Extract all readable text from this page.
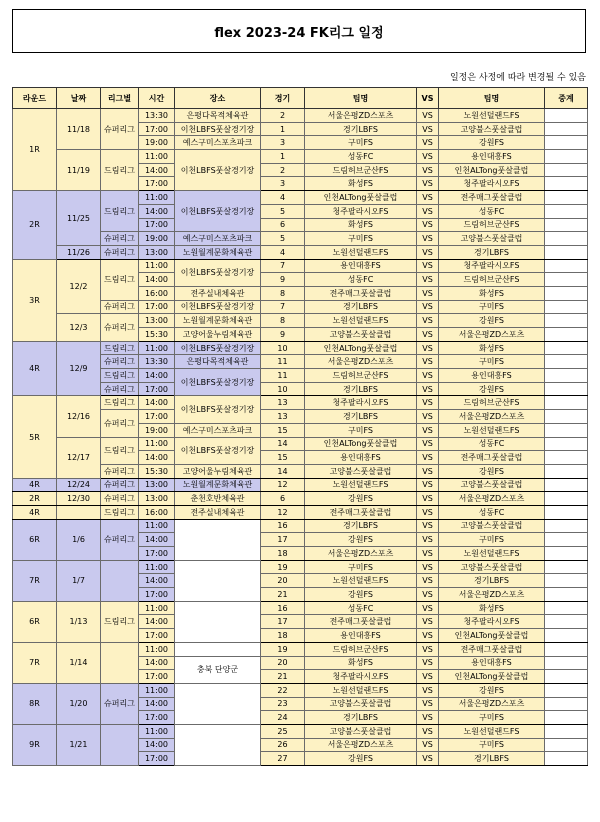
flex 2023-24 FK리그 일정
일정은 사정에 따라 변경될 수 있음
라운드	날짜	리그별	시간	장소	경기	팀명	VS	팀명	중계
1R	11/18	슈퍼리그	13:30	은평다목적체육관	2	서울은평ZD스포츠	VS	노원선덜랜드FS	
			17:00	이천LBFS풋살경기장	1	경기LBFS	VS	고양불스풋살클럽	
			19:00	예스구미스포츠파크	3	구미FS	VS	강원FS	
	11/19	드림리그	11:00	이천LBFS풋살경기장	1	성동FC	VS	용인대흥FS	
			14:00		2	드림허브군산FS	VS	인천ALTong풋살클럽	
			17:00		3	화성FS	VS	청주팔라시오FS	
2R	11/25	드림리그	11:00	이천LBFS풋살경기장	4	인천ALTong풋살클럽	VS	전주매그풋살클럽	
			14:00		5	청주팔라시오FS	VS	성동FC	
			17:00		6	화성FS	VS	드림허브군산FS	
		슈퍼리그	19:00	예스구미스포츠파크	5	구미FS	VS	고양불스풋살클럽	
	11/26	슈퍼리그	13:00	노원월계문화체육관	4	노원선덜랜드FS	VS	경기LBFS	
3R	12/2	드림리그	11:00	이천LBFS풋살경기장	7	용인대흥FS	VS	청주팔라시오FS	
			14:00		9	성동FC	VS	드림허브군산FS	
			16:00	전주실내체육관	8	전주매그풋살클럽	VS	화성FS	
		슈퍼리그	17:00	이천LBFS풋살경기장	7	경기LBFS	VS	구미FS	
	12/3	슈퍼리그	13:00	노원월계문화체육관	8	노원선덜랜드FS	VS	강원FS	
			15:30	고양어울누림체육관	9	고양불스풋살클럽	VS	서울은평ZD스포츠	
4R	12/9	드림리그	11:00	이천LBFS풋살경기장	10	인천ALTong풋살클럽	VS	화성FS	
		슈퍼리그	13:30	은평다목적체육관	11	서울은평ZD스포츠	VS	구미FS	
		드림리그	14:00	이천LBFS풋살경기장	11	드림허브군산FS	VS	용인대흥FS	
		슈퍼리그	17:00		10	경기LBFS	VS	강원FS	
5R	12/16	드림리그	14:00	이천LBFS풋살경기장	13	청주팔라시오FS	VS	드림허브군산FS	
		슈퍼리그	17:00		13	경기LBFS	VS	서울은평ZD스포츠	
			19:00	예스구미스포츠파크	15	구미FS	VS	노원선덜랜드FS	
	12/17	드림리그	11:00	이천LBFS풋살경기장	14	인천ALTong풋살클럽	VS	성동FC	
			14:00		15	용인대흥FS	VS	전주매그풋살클럽	
		슈퍼리그	15:30	고양어울누림체육관	14	고양불스풋살클럽	VS	강원FS	
4R	12/24	슈퍼리그	13:00	노원월계문화체육관	12	노원선덜랜드FS	VS	고양불스풋살클럽	
2R	12/30	슈퍼리그	13:00	춘천호반체육관	6	강원FS	VS	서울은평ZD스포츠	
4R		드림리그	16:00	전주실내체육관	12	전주매그풋살클럽	VS	성동FC	
6R	1/6	슈퍼리그	11:00		16	경기LBFS	VS	고양불스풋살클럽	
			14:00		17	강원FS	VS	구미FS	
			17:00		18	서울은평ZD스포츠	VS	노원선덜랜드FS	
7R	1/7		11:00		19	구미FS	VS	고양불스풋살클럽	
			14:00		20	노원선덜랜드FS	VS	경기LBFS	
			17:00		21	강원FS	VS	서울은평ZD스포츠	
6R	1/13	드림리그	11:00		16	성동FC	VS	화성FS	
			14:00		17	전주매그풋살클럽	VS	청주팔라시오FS	
			17:00		18	용인대흥FS	VS	인천ALTong풋살클럽	
7R	1/14		11:00		19	드림허브군산FS	VS	전주매그풋살클럽	
			14:00	충북 단양군	20	화성FS	VS	용인대흥FS	
			17:00		21	청주팔라시오FS	VS	인천ALTong풋살클럽	
8R	1/20	슈퍼리그	11:00		22	노원선덜랜드FS	VS	강원FS	
			14:00		23	고양불스풋살클럽	VS	서울은평ZD스포츠	
			17:00		24	경기LBFS	VS	구미FS	
9R	1/21		11:00		25	고양불스풋살클럽	VS	노원선덜랜드FS	
			14:00		26	서울은평ZD스포츠	VS	구미FS	
			17:00		27	강원FS	VS	경기LBFS	
